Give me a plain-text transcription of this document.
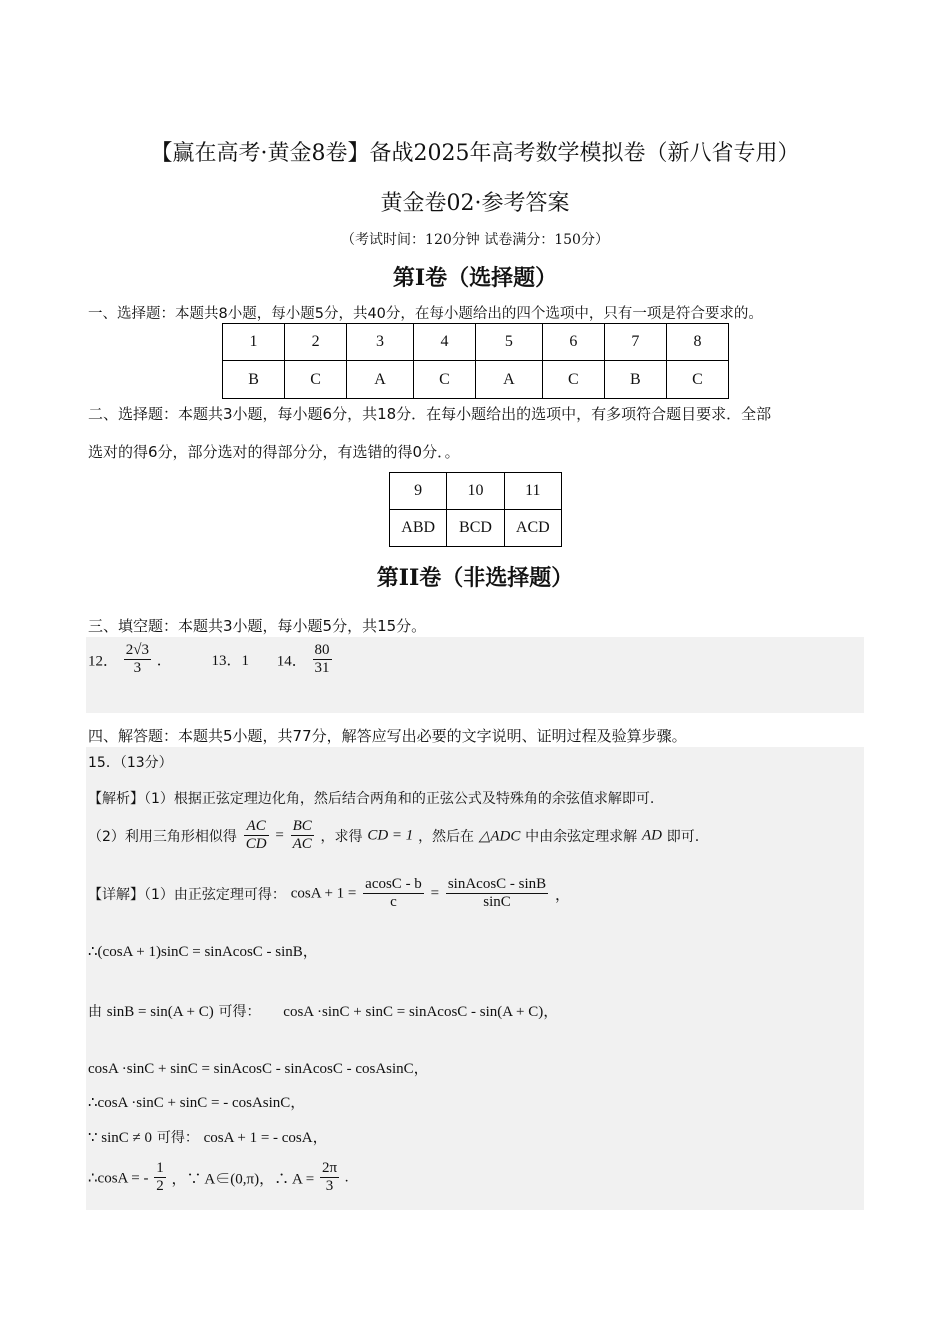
【赢在高考·黄金8卷】备战2025年高考数学模拟卷（新八省专用）
黄金卷02·参考答案
（考试时间：120分钟 试卷满分：150分）
第I卷（选择题）
一、选择题：本题共8小题，每小题5分，共40分，在每小题给出的四个选项中，只有一项是符合要求的。
1	2	3	4	5	6	7	8
B	C	A	C	A	C	B	C
二、选择题：本题共3小题，每小题6分，共18分．在每小题给出的选项中，有多项符合题目要求．全部
选对的得6分，部分选对的得部分分，有选错的得0分．。
9	10	11
ABD	BCD	ACD
第II卷（非选择题）
三、填空题：本题共3小题，每小题5分，共15分。
12． $\frac{2√3}{3}$ ．	13．1 14． $\frac{80}{31}$
四、解答题：本题共5小题，共77分，解答应写出必要的文字说明、证明过程及验算步骤。
15．（13分）
【解析】（1）根据正弦定理边化角，然后结合两角和的正弦公式及特殊角的余弦值求解即可.
（2）利用三角形相似得 $\frac{AC}{CD} = \frac{BC}{AC}$ ，求得 CD = 1 ，然后在 △ADC 中由余弦定理求解 AD 即可.
【详解】（1）由正弦定理可得： $\cos A + 1 = \frac{acosC - b}{c} = \frac{\text{sinAcosC - sinB}}{\sin C}$ ，
∴(cosA + 1)sinC = sinAcosC - sinB，
由 sinB = sin(A + C) 可得： cosA ·sinC + sinC = sinAcosC - sin(A + C)，
cosA ·sinC + sinC = sinAcosC - sinAcosC - cosAsinC，
∴cosA ·sinC + sinC = - cosAsinC，
∵ sinC ≠ 0 可得： cosA + 1 = - cosA，
∴cosA = - $\frac{1}{2}$ ，∵ A∈(0,π)，∴ $A = \frac{2\pi}{3}$ .
